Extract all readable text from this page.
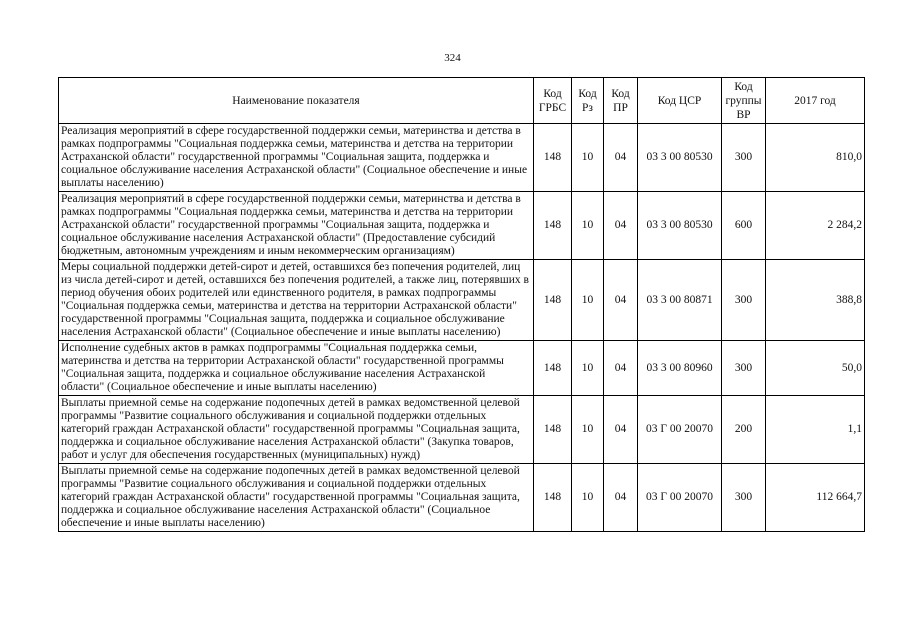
324
Наименование показателя	Код ГРБС	Код Рз	Код ПР	Код ЦСР	Код группы ВР	2017 год
Реализация мероприятий в сфере государственной поддержки семьи, материнства и детства в рамках подпрограммы "Социальная поддержка семьи, материнства и детства на территории Астраханской области" государственной программы "Социальная защита, поддержка и социальное обслуживание населения Астраханской области" (Социальное обеспечение и иные выплаты населению)	148	10	04	03 3 00 80530	300	810,0
Реализация мероприятий в сфере государственной поддержки семьи, материнства и детства в рамках подпрограммы "Социальная поддержка семьи, материнства и детства на территории Астраханской области" государственной программы "Социальная защита, поддержка и социальное обслуживание населения Астраханской области" (Предоставление субсидий бюджетным, автономным учреждениям и иным некоммерческим организациям)	148	10	04	03 3 00 80530	600	2 284,2
Меры социальной поддержки детей-сирот и детей, оставшихся без попечения родителей, лиц из числа детей-сирот и детей, оставшихся без попечения родителей, а также лиц, потерявших в период обучения обоих родителей или единственного родителя, в рамках подпрограммы "Социальная поддержка семьи, материнства и детства на территории Астраханской области" государственной программы "Социальная защита, поддержка и социальное обслуживание населения Астраханской области" (Социальное обеспечение и иные выплаты населению)	148	10	04	03 3 00 80871	300	388,8
Исполнение судебных актов в рамках подпрограммы "Социальная поддержка семьи, материнства и детства на территории Астраханской области" государственной программы "Социальная защита, поддержка и социальное обслуживание населения Астраханской области" (Социальное обеспечение и иные выплаты населению)	148	10	04	03 3 00 80960	300	50,0
Выплаты приемной семье на содержание подопечных детей в рамках ведомственной целевой программы "Развитие социального обслуживания и социальной поддержки отдельных категорий граждан Астраханской области" государственной программы "Социальная защита, поддержка и социальное обслуживание населения Астраханской области" (Закупка товаров, работ и услуг для обеспечения государственных (муниципальных) нужд)	148	10	04	03 Г 00 20070	200	1,1
Выплаты приемной семье на содержание подопечных детей в рамках ведомственной целевой программы "Развитие социального обслуживания и социальной поддержки отдельных категорий граждан Астраханской области" государственной программы "Социальная защита, поддержка и социальное обслуживание населения Астраханской области" (Социальное обеспечение и иные выплаты населению)	148	10	04	03 Г 00 20070	300	112 664,7
